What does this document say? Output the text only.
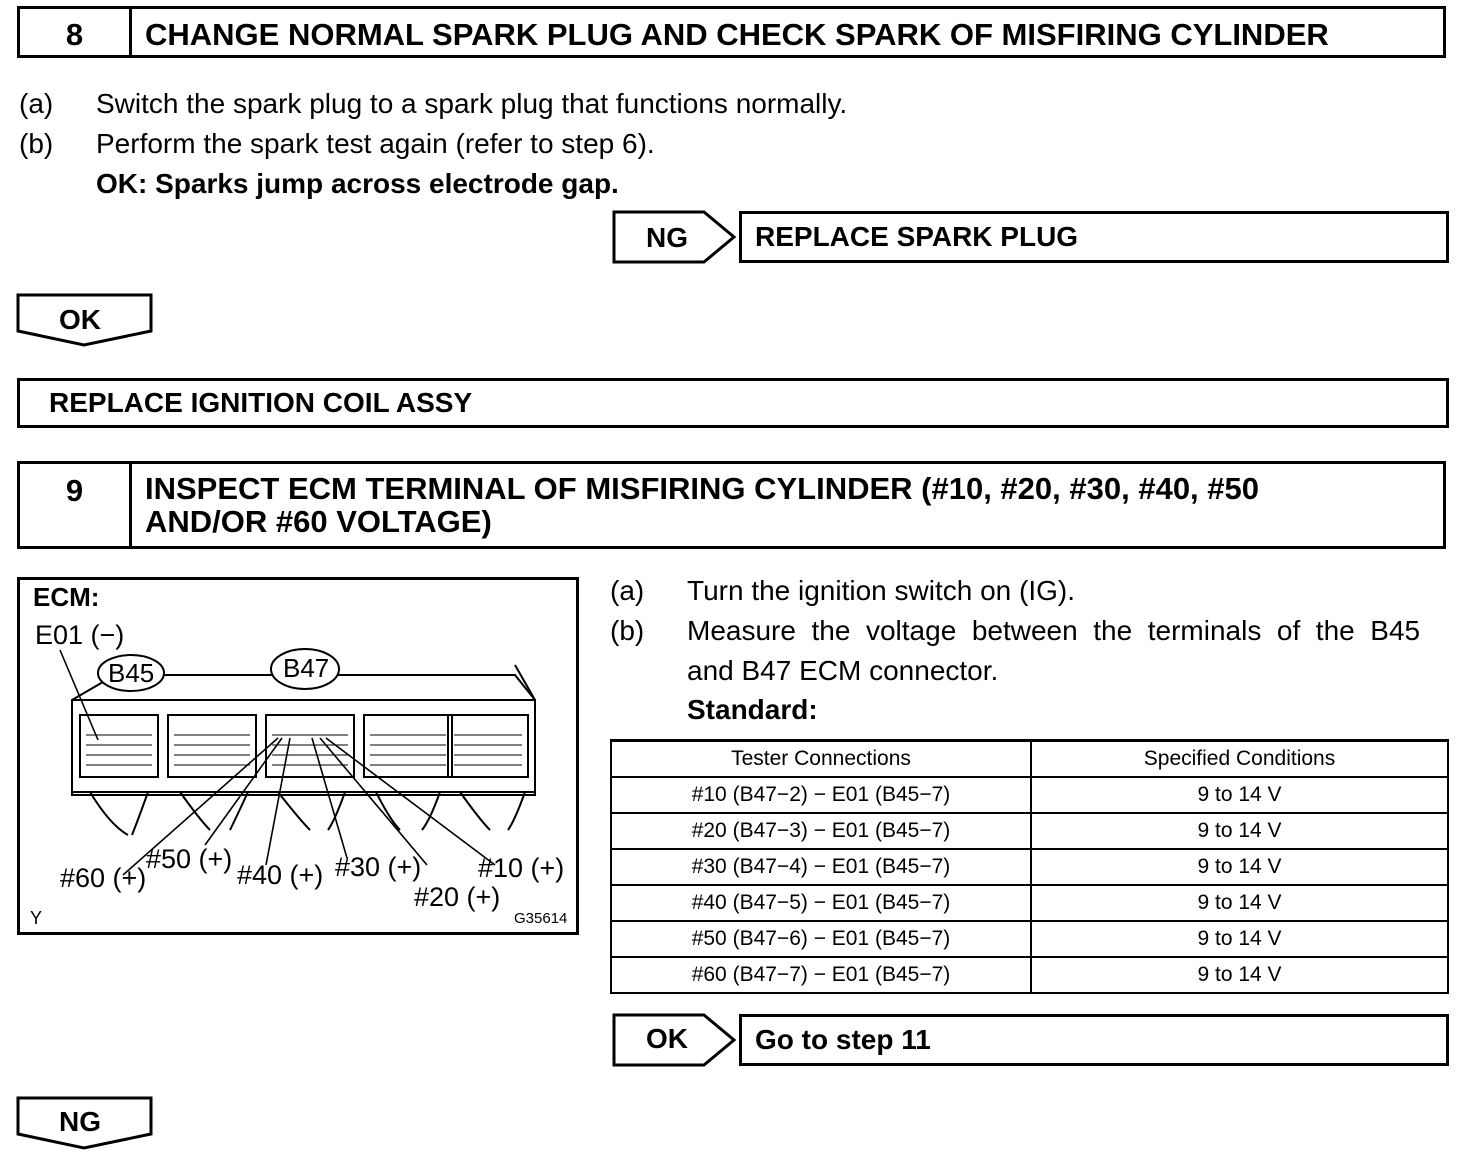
8	CHANGE NORMAL SPARK PLUG AND CHECK SPARK OF MISFIRING CYLINDER
(a) Switch the spark plug to a spark plug that functions normally.
(b) Perform the spark test again (refer to step 6).
OK: Sparks jump across electrode gap.
NG REPLACE SPARK PLUG
OK
REPLACE IGNITION COIL ASSY
9	INSPECT ECM TERMINAL OF MISFIRING CYLINDER (#10, #20, #30, #40, #50
AND/OR #60 VOLTAGE)
ECM:
E01 (−)
B45	B47
#60 (+)
#50 (+)
#40 (+) #30 (+)
#20 (+)
#10 (+)
Y	G35614
(a) Turn the ignition switch on (IG).
(b) Measure  the  voltage  between  the  terminals  of  the  B45
and B47 ECM connector.
Standard:
Tester Connections	Specified Conditions
#10 (B47−2) − E01 (B45−7)	9 to 14 V
#20 (B47−3) − E01 (B45−7)	9 to 14 V
#30 (B47−4) − E01 (B45−7)	9 to 14 V
#40 (B47−5) − E01 (B45−7)	9 to 14 V
#50 (B47−6) − E01 (B45−7)	9 to 14 V
#60 (B47−7) − E01 (B45−7)	9 to 14 V
OK Go to step 11
NG
